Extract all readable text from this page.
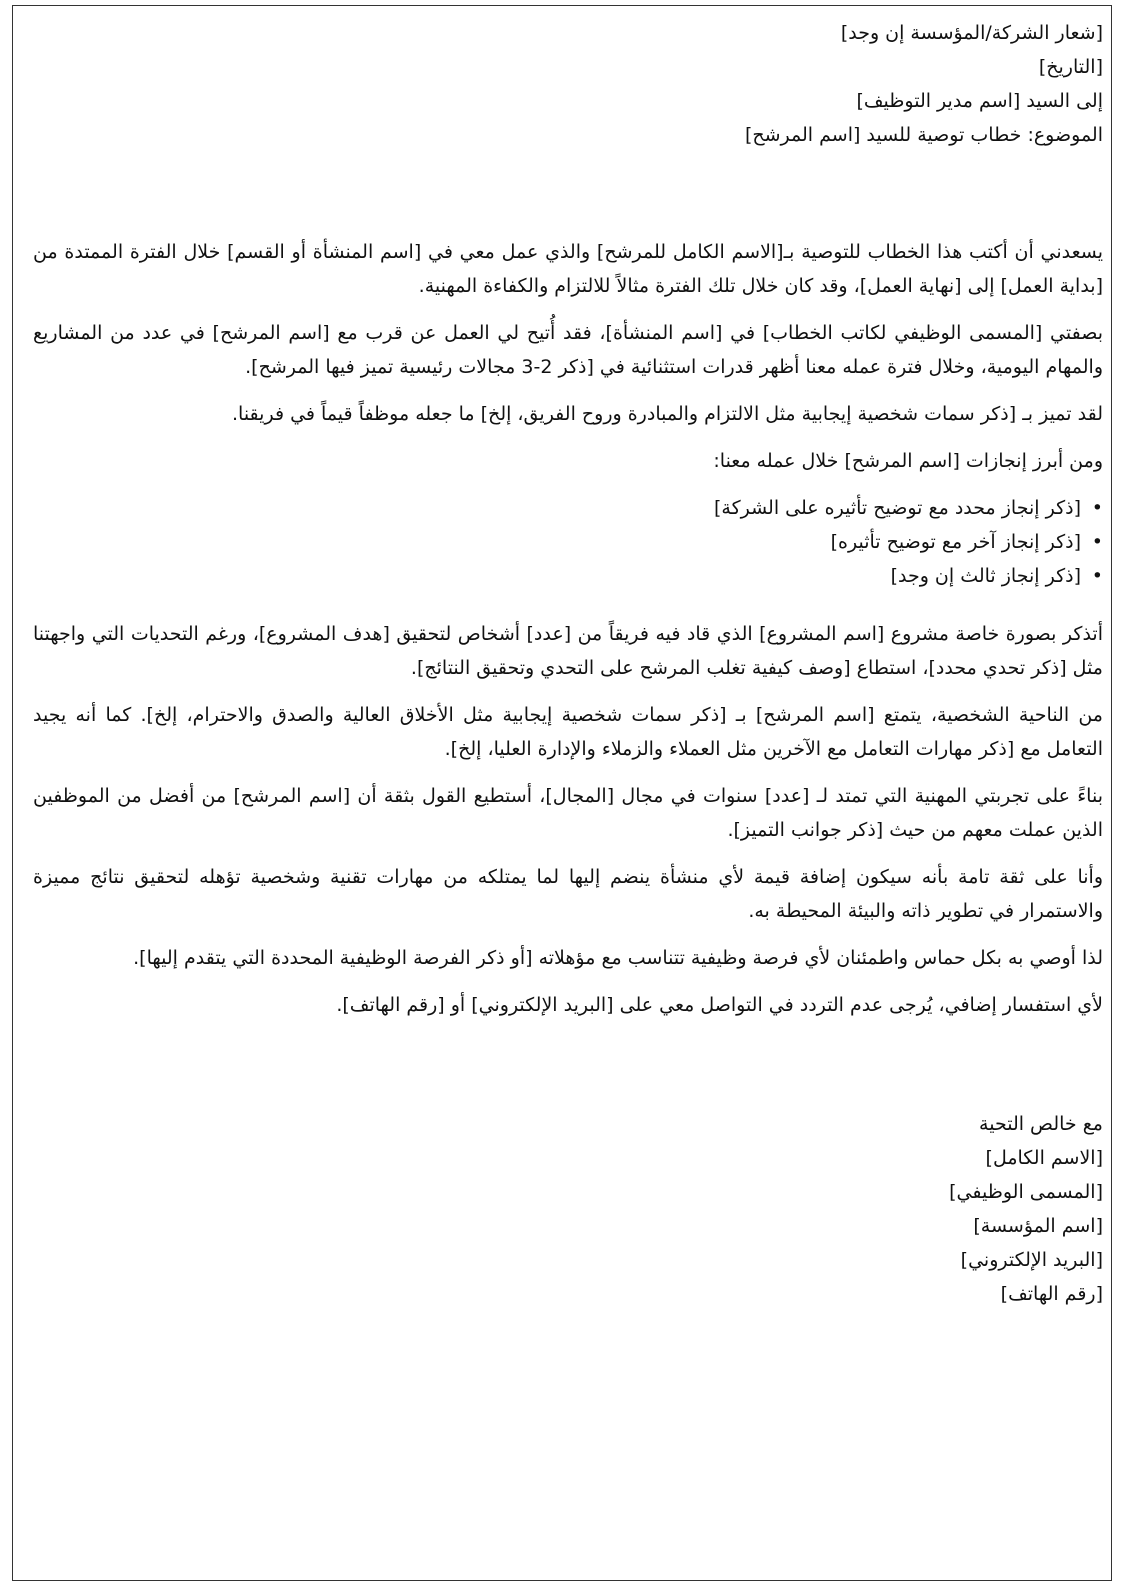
[شعار الشركة/المؤسسة إن وجد]

[التاريخ]

إلى السيد [اسم مدير التوظيف]

الموضوع: خطاب توصية للسيد [اسم المرشح]

يسعدني أن أكتب هذا الخطاب للتوصية بـ[الاسم الكامل للمرشح] والذي عمل معي في [اسم المنشأة أو القسم] خلال الفترة الممتدة من [بداية العمل] إلى [نهاية العمل]، وقد كان خلال تلك الفترة مثالاً للالتزام والكفاءة المهنية.

بصفتي [المسمى الوظيفي لكاتب الخطاب] في [اسم المنشأة]، فقد أُتيح لي العمل عن قرب مع [اسم المرشح] في عدد من المشاريع والمهام اليومية، وخلال فترة عمله معنا أظهر قدرات استثنائية في [ذكر 2-3 مجالات رئيسية تميز فيها المرشح].

لقد تميز بـ [ذكر سمات شخصية إيجابية مثل الالتزام والمبادرة وروح الفريق، إلخ] ما جعله موظفاً قيماً في فريقنا.

ومن أبرز إنجازات [اسم المرشح] خلال عمله معنا:

• [ذكر إنجاز محدد مع توضيح تأثيره على الشركة]
• [ذكر إنجاز آخر مع توضيح تأثيره]
• [ذكر إنجاز ثالث إن وجد]

أتذكر بصورة خاصة مشروع [اسم المشروع] الذي قاد فيه فريقاً من [عدد] أشخاص لتحقيق [هدف المشروع]، ورغم التحديات التي واجهتنا مثل [ذكر تحدي محدد]، استطاع [وصف كيفية تغلب المرشح على التحدي وتحقيق النتائج].

من الناحية الشخصية، يتمتع [اسم المرشح] بـ [ذكر سمات شخصية إيجابية مثل الأخلاق العالية والصدق والاحترام، إلخ]. كما أنه يجيد التعامل مع [ذكر مهارات التعامل مع الآخرين مثل العملاء والزملاء والإدارة العليا، إلخ].

بناءً على تجربتي المهنية التي تمتد لـ [عدد] سنوات في مجال [المجال]، أستطيع القول بثقة أن [اسم المرشح] من أفضل من الموظفين الذين عملت معهم من حيث [ذكر جوانب التميز].

وأنا على ثقة تامة بأنه سيكون إضافة قيمة لأي منشأة ينضم إليها لما يمتلكه من مهارات تقنية وشخصية تؤهله لتحقيق نتائج مميزة والاستمرار في تطوير ذاته والبيئة المحيطة به.

لذا أوصي به بكل حماس واطمئنان لأي فرصة وظيفية تتناسب مع مؤهلاته [أو ذكر الفرصة الوظيفية المحددة التي يتقدم إليها].

لأي استفسار إضافي، يُرجى عدم التردد في التواصل معي على [البريد الإلكتروني] أو [رقم الهاتف].

مع خالص التحية

[الاسم الكامل]

[المسمى الوظيفي]

[اسم المؤسسة]

[البريد الإلكتروني]

[رقم الهاتف]
